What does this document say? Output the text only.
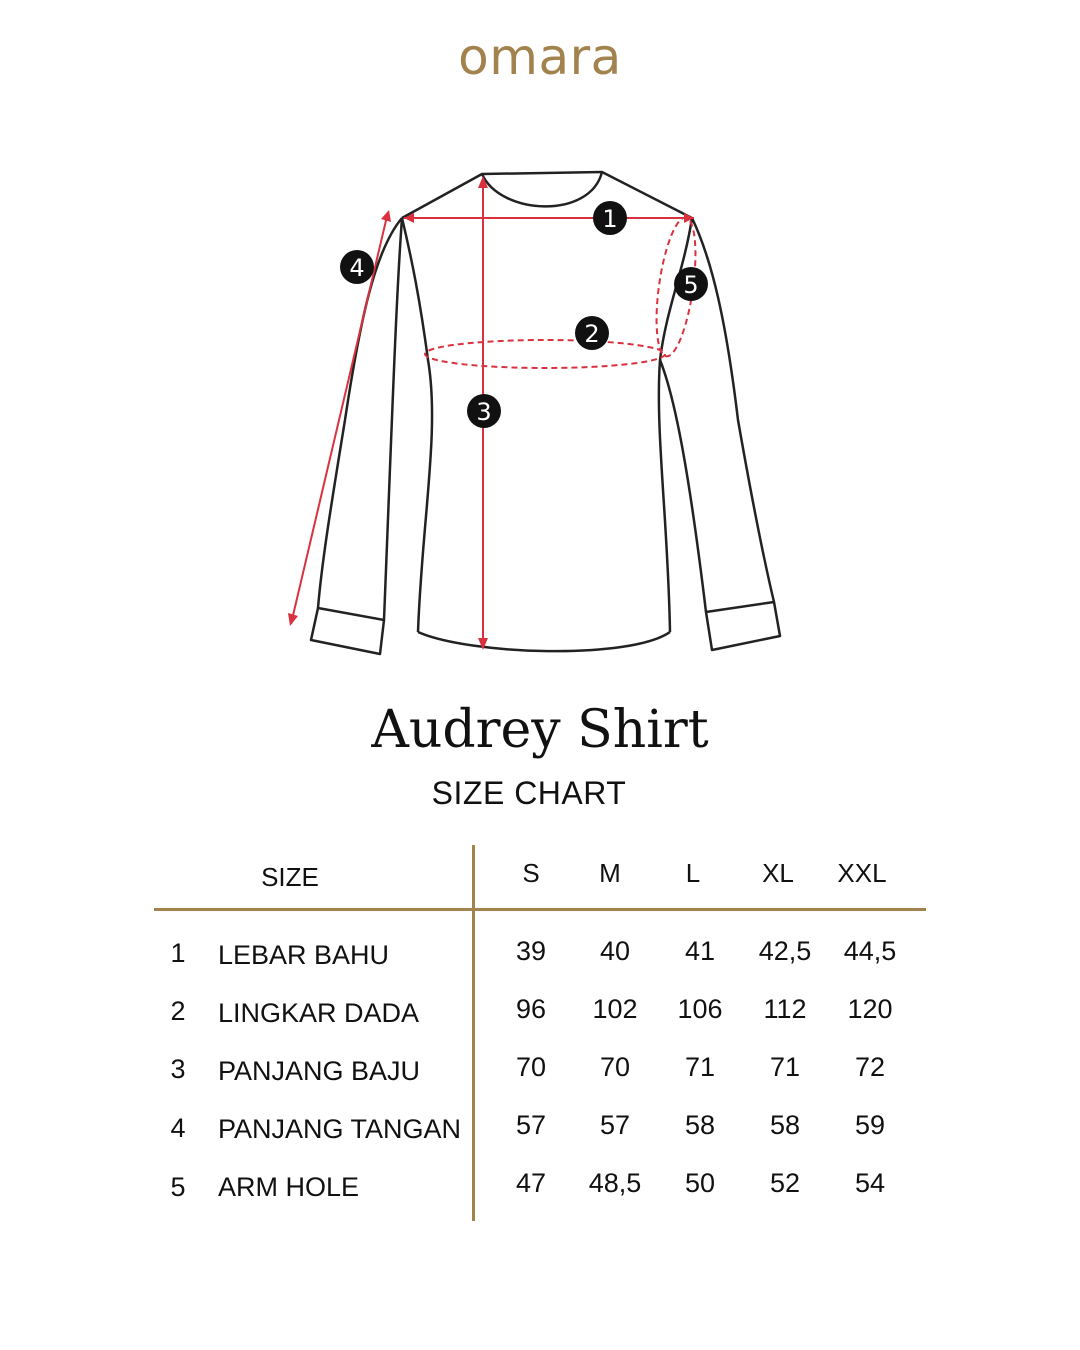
omara
1
2
3
4
5
Audrey Shirt
SIZE CHART
SIZE	S	M	L	XL	XXL
1	LEBAR BAHU	39	40	41	42,5	44,5
2	LINGKAR DADA	96	102	106	112	120
3	PANJANG BAJU	70	70	71	71	72
4	PANJANG TANGAN	57	57	58	58	59
5	ARM HOLE	47	48,5	50	52	54
